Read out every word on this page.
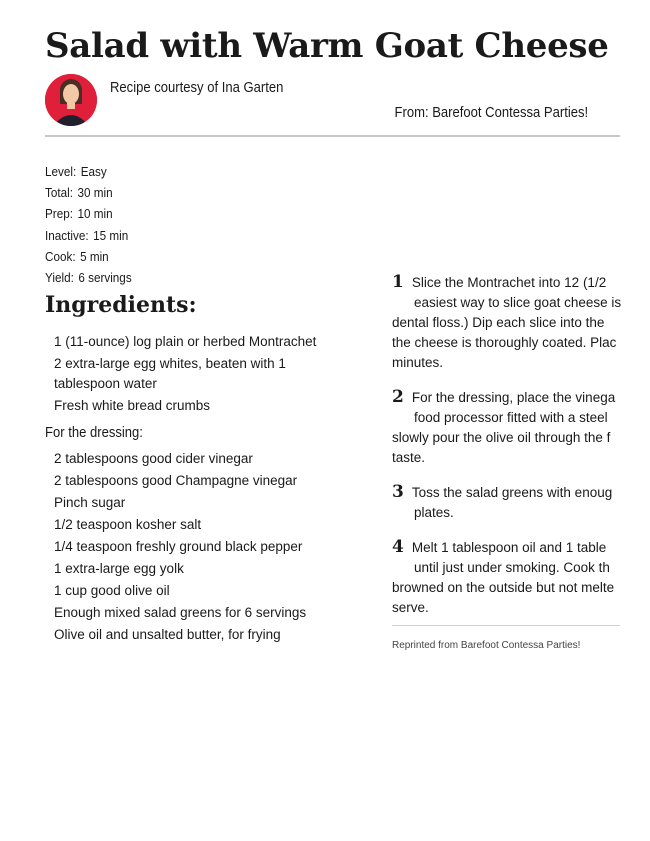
Salad with Warm Goat Cheese
Recipe courtesy of Ina Garten
From: Barefoot Contessa Parties!
Level: Easy
Total: 30 min
Prep: 10 min
Inactive: 15 min
Cook: 5 min
Yield: 6 servings
Ingredients:
1 (11-ounce) log plain or herbed Montrachet
2 extra-large egg whites, beaten with 1 tablespoon water
Fresh white bread crumbs
For the dressing:
2 tablespoons good cider vinegar
2 tablespoons good Champagne vinegar
Pinch sugar
1/2 teaspoon kosher salt
1/4 teaspoon freshly ground black pepper
1 extra-large egg yolk
1 cup good olive oil
Enough mixed salad greens for 6 servings
Olive oil and unsalted butter, for frying
1 Slice the Montrachet into 12 (1/2
easiest way to slice goat cheese is
dental floss.) Dip each slice into the
the cheese is thoroughly coated. Plac
minutes.
2 For the dressing, place the vinega
food processor fitted with a steel
slowly pour the olive oil through the f
taste.
3 Toss the salad greens with enoug
plates.
4 Melt 1 tablespoon oil and 1 table
until just under smoking. Cook th
browned on the outside but not melte
serve.
Reprinted from Barefoot Contessa Parties!
